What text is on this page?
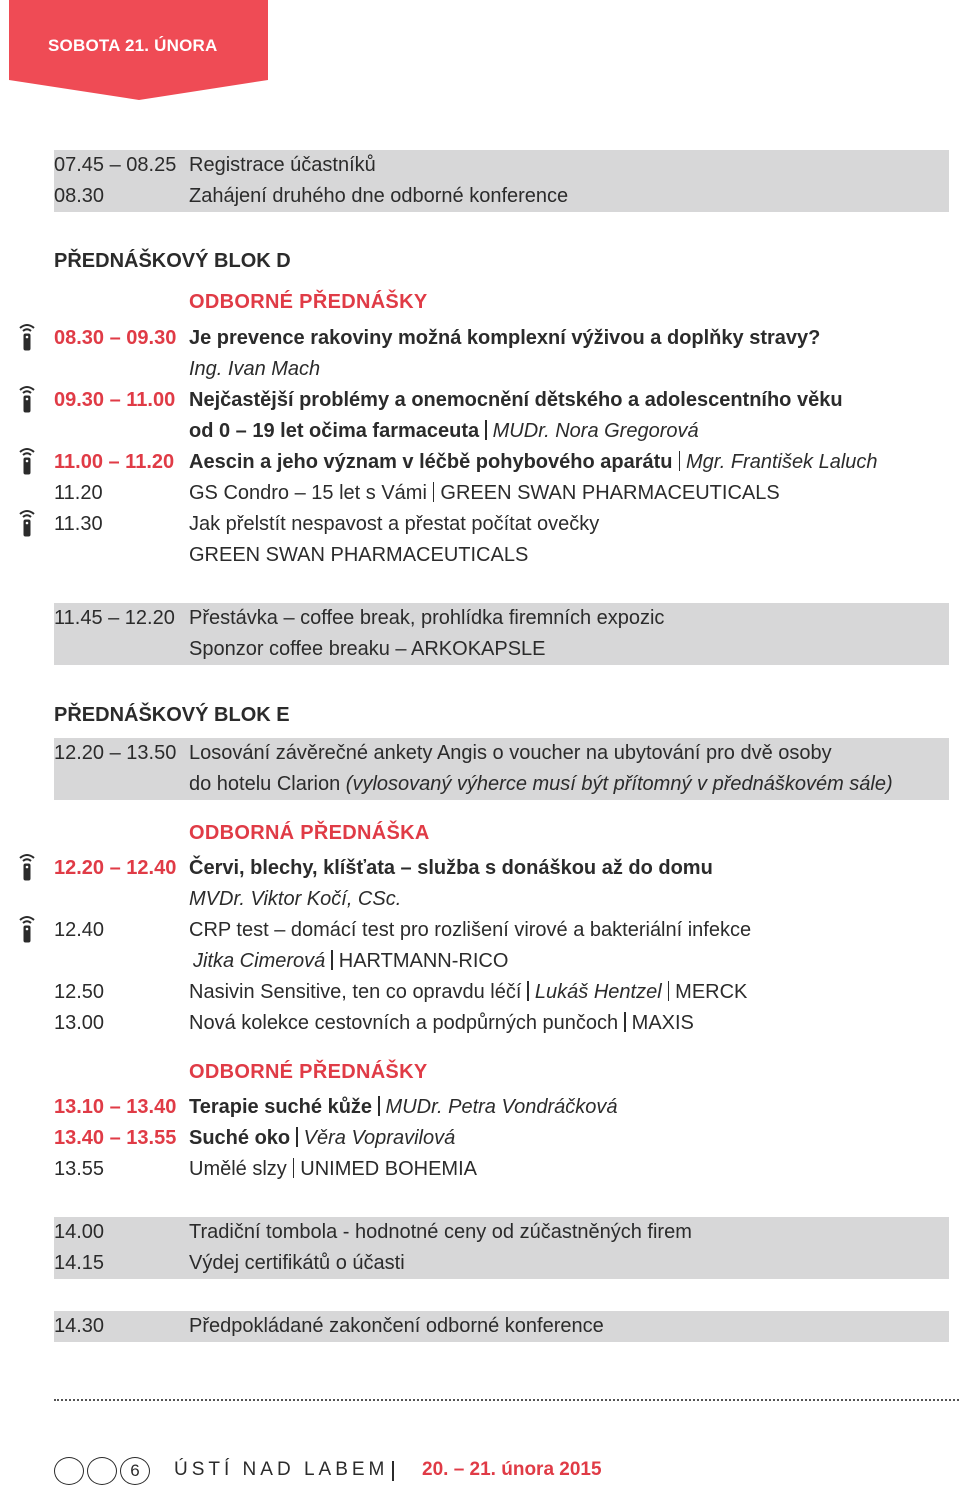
SOBOTA 21. ÚNORA
07.45 – 08.25 Registrace účastníků
08.30	Zahájení druhého dne odborné konference
PŘEDNÁŠKOVÝ BLOK D
ODBORNÉ PŘEDNÁŠKY
08.30 – 09.30 Je prevence rakoviny možná komplexní výživou a doplňky stravy?
Ing. Ivan Mach
09.30 – 11.00 Nejčastější problémy a onemocnění dětského a adolescentního věku
od 0 – 19 let očima farmaceuta MUDr. Nora Gregorová
11.00 – 11.20 Aescin a jeho význam v léčbě pohybového aparátu Mgr. František Laluch
11.20	GS Condro – 15 let s Vámi GREEN SWAN PHARMACEUTICALS
11.30	Jak přelstít nespavost a přestat počítat ovečky
GREEN SWAN PHARMACEUTICALS
11.45 – 12.20 Přestávka – coffee break, prohlídka firemních expozic
Sponzor coffee breaku – ARKOKAPSLE
PŘEDNÁŠKOVÝ BLOK E
12.20 – 13.50 Losování závěrečné ankety Angis o voucher na ubytování pro dvě osoby
do hotelu Clarion (vylosovaný výherce musí být přítomný v přednáškovém sále)
ODBORNÁ PŘEDNÁŠKA
12.20 – 12.40 Červi, blechy, klíšťata – služba s donáškou až do domu
MVDr. Viktor Kočí, CSc.
12.40	CRP test – domácí test pro rozlišení virové a bakteriální infekce
Jitka Cimerová HARTMANN-RICO
12.50	Nasivin Sensitive, ten co opravdu léčí Lukáš Hentzel MERCK
13.00	Nová kolekce cestovních a podpůrných punčoch MAXIS
ODBORNÉ PŘEDNÁŠKY
13.10 – 13.40 Terapie suché kůže MUDr. Petra Vondráčková
13.40 – 13.55 Suché oko Věra Vopravilová
13.55	Umělé slzy UNIMED BOHEMIA
14.00	Tradiční tombola - hodnotné ceny od zúčastněných firem
14.15	Výdej certifikátů o účasti
14.30	Předpokládané zakončení odborné konference
6	ÚSTÍ NAD LABEM 20. – 21. února 2015
